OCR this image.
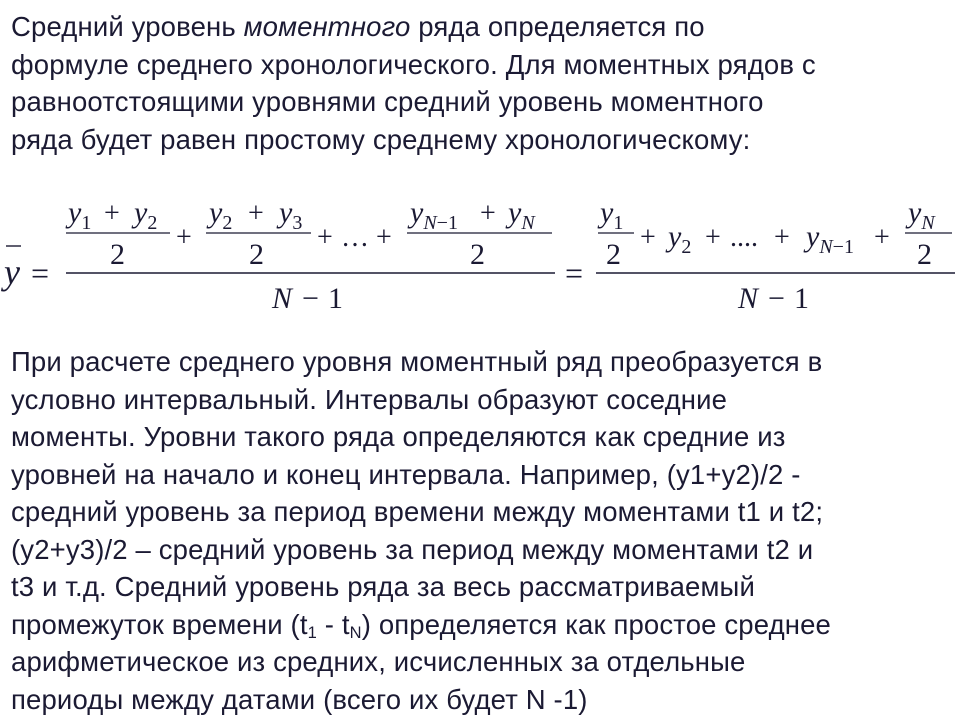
Средний уровень моментного ряда определяется по
формуле среднего хронологического. Для моментных рядов с
равноотстоящими уровнями средний уровень моментного
ряда будет равен простому среднему хронологическому:
y =
$y_1 + y_2$
2
+
$y_2 + y_3$
2
+ … +
$y_N-1 + y_N$
2
N − 1
=
$y_1$
2
+ $y_2$ + .... + $y_N-1$ +
$y_N$
2
N − 1
При расчете среднего уровня моментный ряд преобразуется в
условно интервальный. Интервалы образуют соседние
моменты. Уровни такого ряда определяются как средние из
уровней на начало и конец интервала. Например, (y1+y2)/2 -
средний уровень за период времени между моментами t1 и t2;
(y2+y3)/2 – средний уровень за период между моментами t2 и
t3 и т.д. Средний уровень ряда за весь рассматриваемый
промежуток времени $(t_1 - t_N)$ определяется как простое среднее
арифметическое из средних, исчисленных за отдельные
периоды между датами (всего их будет N -1)
